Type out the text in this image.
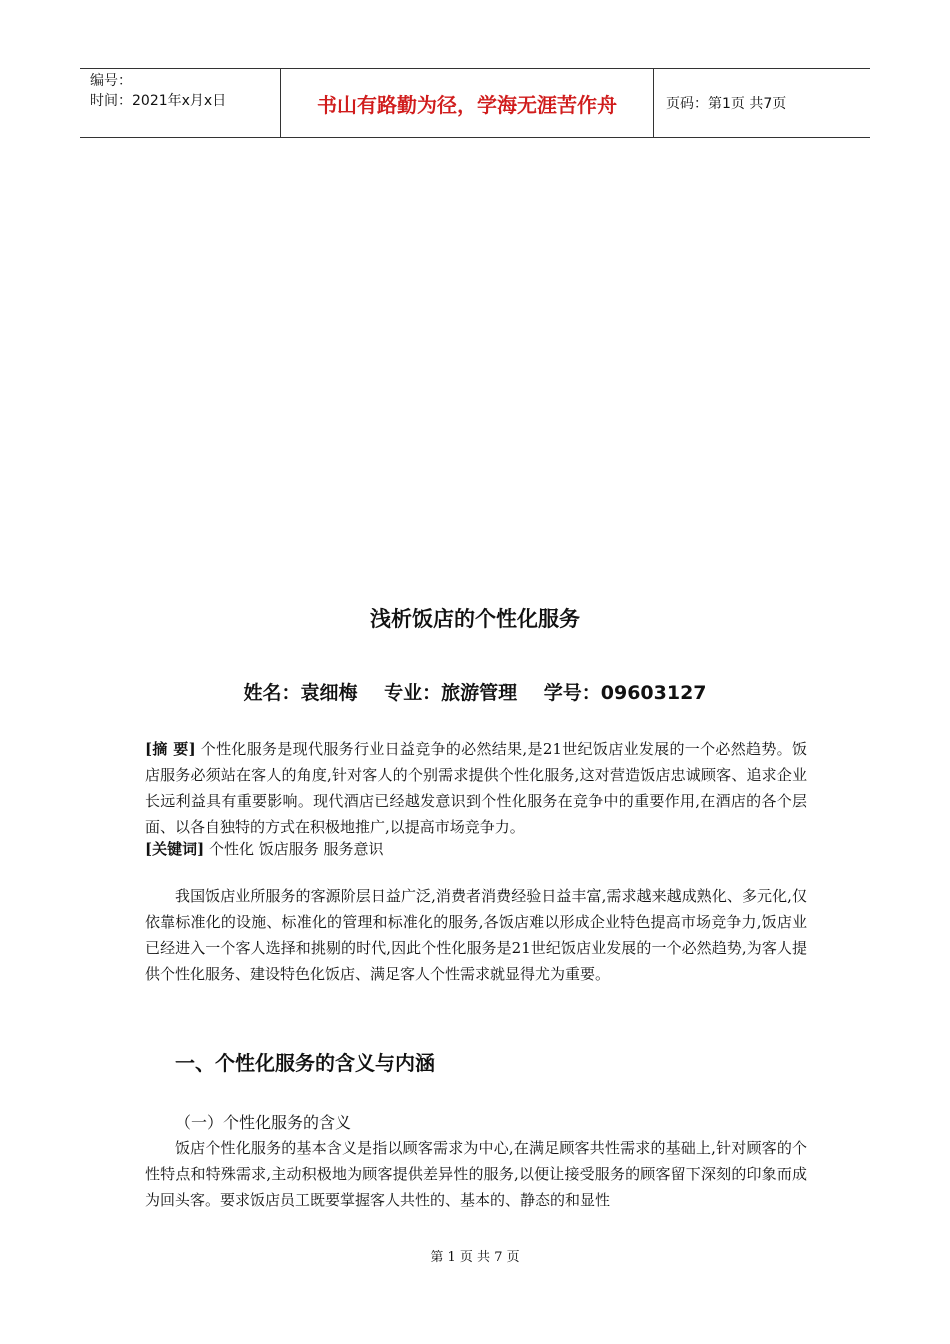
编号：
时间：2021年x月x日	书山有路勤为径，学海无涯苦作舟	页码：第1页 共7页
浅析饭店的个性化服务
姓名：袁细梅 专业：旅游管理 学号：09603127
[摘 要] 个性化服务是现代服务行业日益竞争的必然结果,是21世纪饭店业发展的一个必然趋势。饭店服务必须站在客人的角度,针对客人的个别需求提供个性化服务,这对营造饭店忠诚顾客、追求企业长远利益具有重要影响。现代酒店已经越发意识到个性化服务在竞争中的重要作用,在酒店的各个层面、以各自独特的方式在积极地推广,以提高市场竞争力。
[关键词] 个性化 饭店服务 服务意识
我国饭店业所服务的客源阶层日益广泛,消费者消费经验日益丰富,需求越来越成熟化、多元化,仅依靠标准化的设施、标准化的管理和标准化的服务,各饭店难以形成企业特色提高市场竞争力,饭店业已经进入一个客人选择和挑剔的时代,因此个性化服务是21世纪饭店业发展的一个必然趋势,为客人提供个性化服务、建设特色化饭店、满足客人个性需求就显得尤为重要。
一、个性化服务的含义与内涵
（一）个性化服务的含义
饭店个性化服务的基本含义是指以顾客需求为中心,在满足顾客共性需求的基础上,针对顾客的个性特点和特殊需求,主动积极地为顾客提供差异性的服务,以便让接受服务的顾客留下深刻的印象而成为回头客。要求饭店员工既要掌握客人共性的、基本的、静态的和显性
第 1 页 共 7 页
